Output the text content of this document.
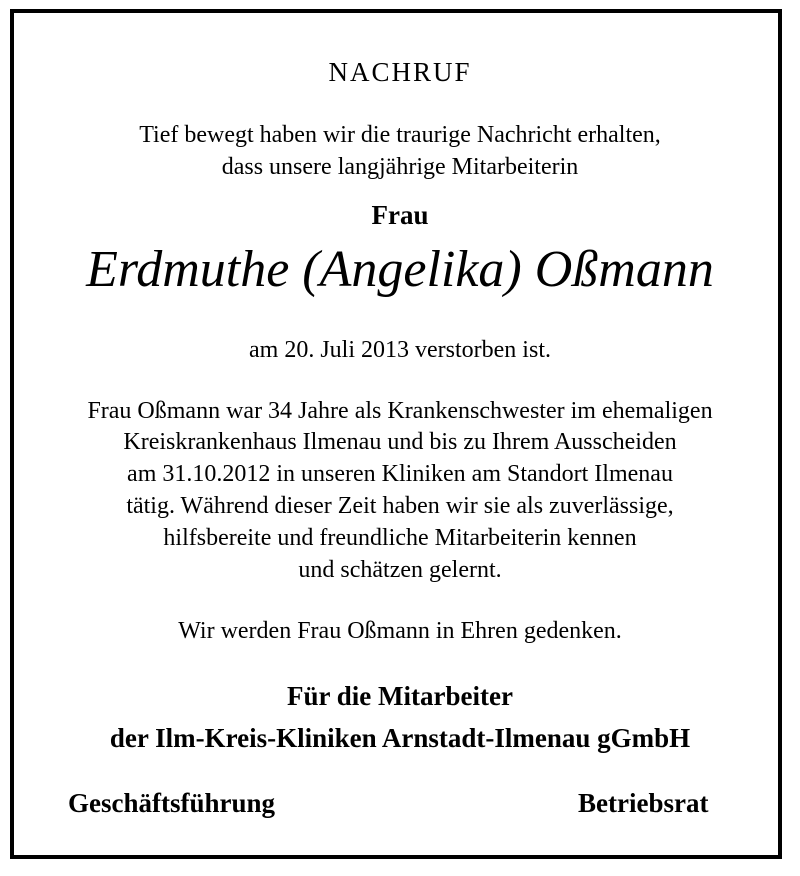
NACHRUF
Tief bewegt haben wir die traurige Nachricht erhalten,
dass unsere langjährige Mitarbeiterin
Frau
Erdmuthe (Angelika) Oßmann
am 20. Juli 2013 verstorben ist.
Frau Oßmann war 34 Jahre als Krankenschwester im ehemaligen
Kreiskrankenhaus Ilmenau und bis zu Ihrem Ausscheiden
am 31.10.2012 in unseren Kliniken am Standort Ilmenau
tätig. Während dieser Zeit haben wir sie als zuverlässige,
hilfsbereite und freundliche Mitarbeiterin kennen
und schätzen gelernt.
Wir werden Frau Oßmann in Ehren gedenken.
Für die Mitarbeiter
der Ilm-Kreis-Kliniken Arnstadt-Ilmenau gGmbH
Geschäftsführung	Betriebsrat
